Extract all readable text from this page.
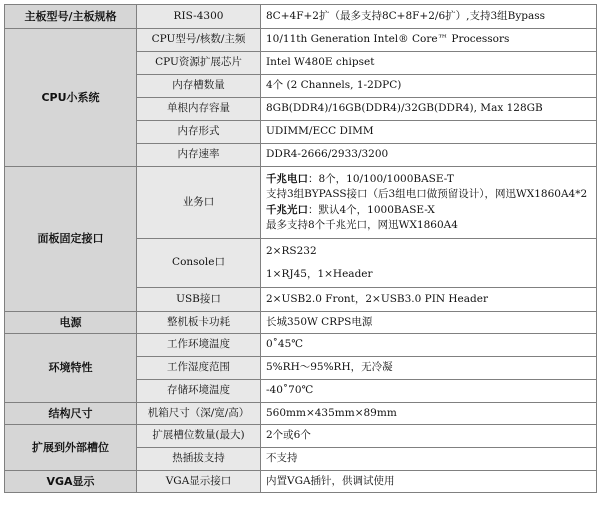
主板型号/主板规格	RIS-4300	8C+4F+2扩（最多支持8C+8F+2/6扩）,支持3组Bypass
CPU小系统	CPU型号/核数/主频	10/11th Generation Intel® Core™ Processors
	CPU资源扩展芯片	Intel W480E chipset
	内存槽数量	4个 (2 Channels, 1-2DPC)
	单根内存容量	8GB(DDR4)/16GB(DDR4)/32GB(DDR4), Max 128GB
	内存形式	UDIMM/ECC DIMM
	内存速率	DDR4-2666/2933/3200
面板固定接口	业务口	千兆电口：8个，10/100/1000BASE-T
支持3组BYPASS接口（后3组电口做预留设计），网迅WX1860A4*2
千兆光口：默认4个，1000BASE-X
最多支持8个千兆光口，网迅WX1860A4

	Console口	2×RS232
1×RJ45，1×Header

	USB接口	2×USB2.0 Front，2×USB3.0 PIN Header
电源	整机板卡功耗	长城350W CRPS电源
环境特性	工作环境温度	0˚45℃
	工作湿度范围	5%RH～95%RH，无冷凝
	存储环境温度	-40˚70℃
结构尺寸	机箱尺寸（深/宽/高）	560mm×435mm×89mm
扩展到外部槽位	扩展槽位数量(最大)	2个或6个
	热插拔支持	不支持
VGA显示	VGA显示接口	内置VGA插针，供调试使用
